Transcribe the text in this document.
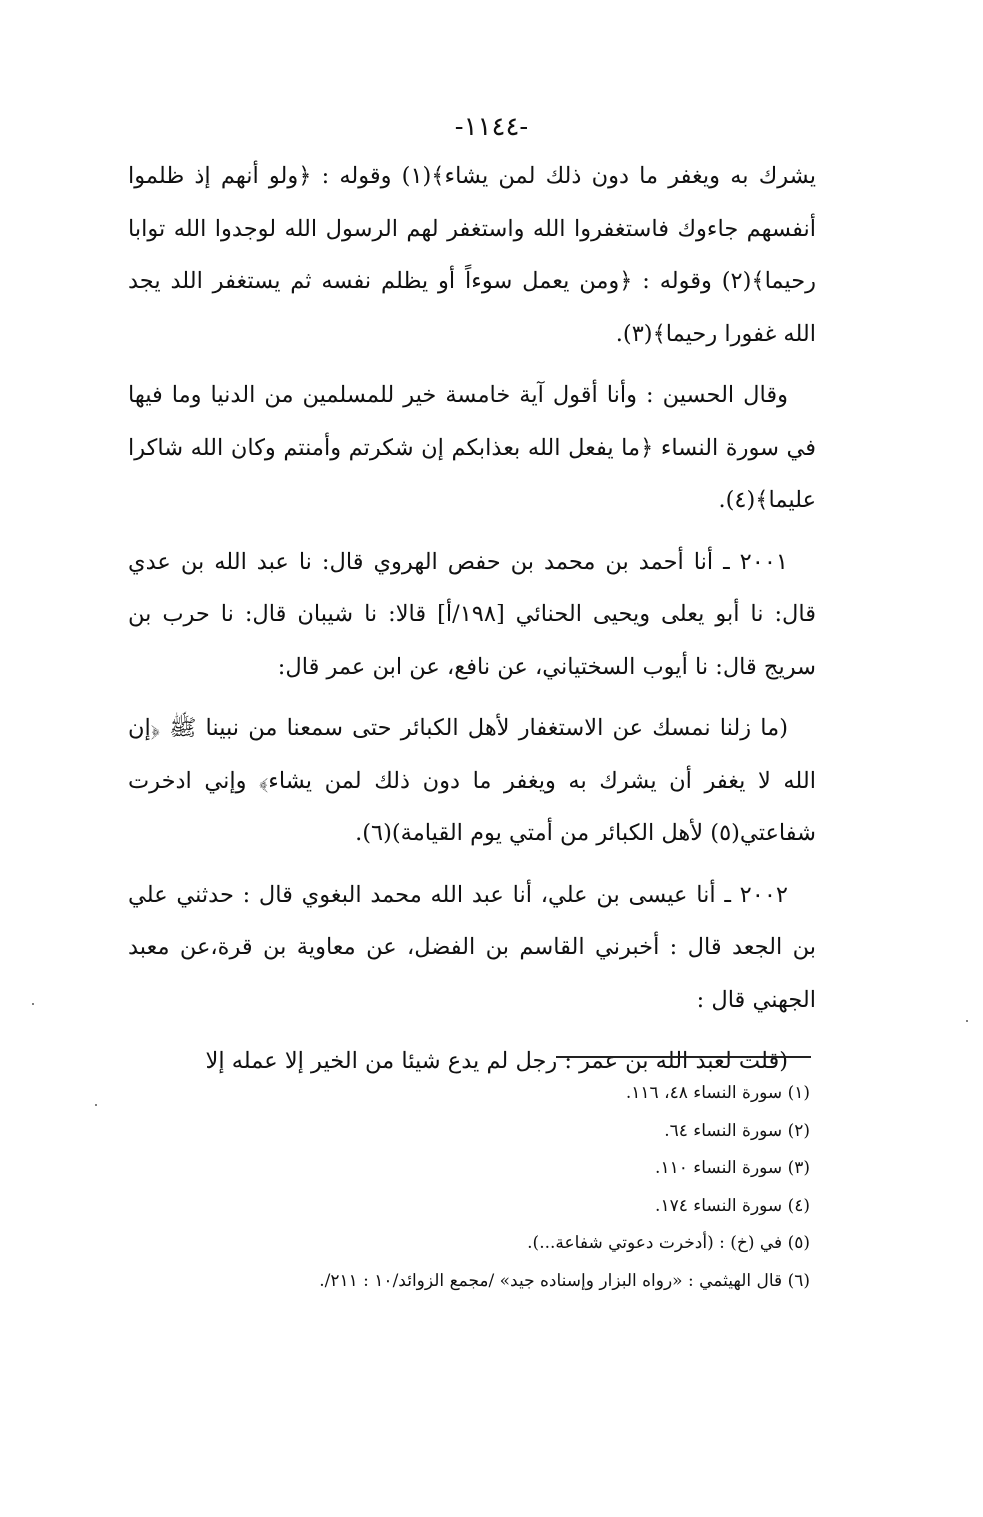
-١١٤٤-

يشرك به ويغفر ما دون ذلك لمن يشاء﴾(١) وقوله : ﴿ولو أنهم إذ ظلموا أنفسهم جاءوك فاستغفروا الله واستغفر لهم الرسول الله لوجدوا الله توابا رحيما﴾(٢) وقوله : ﴿ومن يعمل سوءاً أو يظلم نفسه ثم يستغفر اللد يجد الله غفورا رحيما﴾(٣).

وقال الحسين : وأنا أقول آية خامسة خير للمسلمين من الدنيا وما فيها في سورة النساء ﴿ما يفعل الله بعذابكم إن شكرتم وأمنتم وكان الله شاكرا عليما﴾(٤).

٢٠٠١ ـ أنا أحمد بن محمد بن حفص الهروي قال: نا عبد الله بن عدي قال: نا أبو يعلى ويحيى الحنائي [١٩٨/أ] قالا: نا شيبان قال: نا حرب بن سريج قال: نا أيوب السختياني، عن نافع، عن ابن عمر قال:

(ما زلنا نمسك عن الاستغفار لأهل الكبائر حتى سمعنا من نبينا ﷺ ﴿إن الله لا يغفر أن يشرك به ويغفر ما دون ذلك لمن يشاء﴾ وإني ادخرت شفاعتي(٥) لأهل الكبائر من أمتي يوم القيامة)(٦).

٢٠٠٢ ـ أنا عيسى بن علي، أنا عبد الله محمد البغوي قال : حدثني علي بن الجعد قال : أخبرني القاسم بن الفضل، عن معاوية بن قرة،عن معبد الجهني قال :

(قلت لعبد الله بن عمر : رجل لم يدع شيئا من الخير إلا عمله إلا

(١) سورة النساء ٤٨، ١١٦.
(٢) سورة النساء ٦٤.
(٣) سورة النساء ١١٠.
(٤) سورة النساء ١٧٤.
(٥) في (خ) : (أدخرت دعوتي شفاعة...).
(٦) قال الهيثمي : «رواه البزار وإسناده جيد» /مجمع الزوائد/١٠ : ٢١١/.
